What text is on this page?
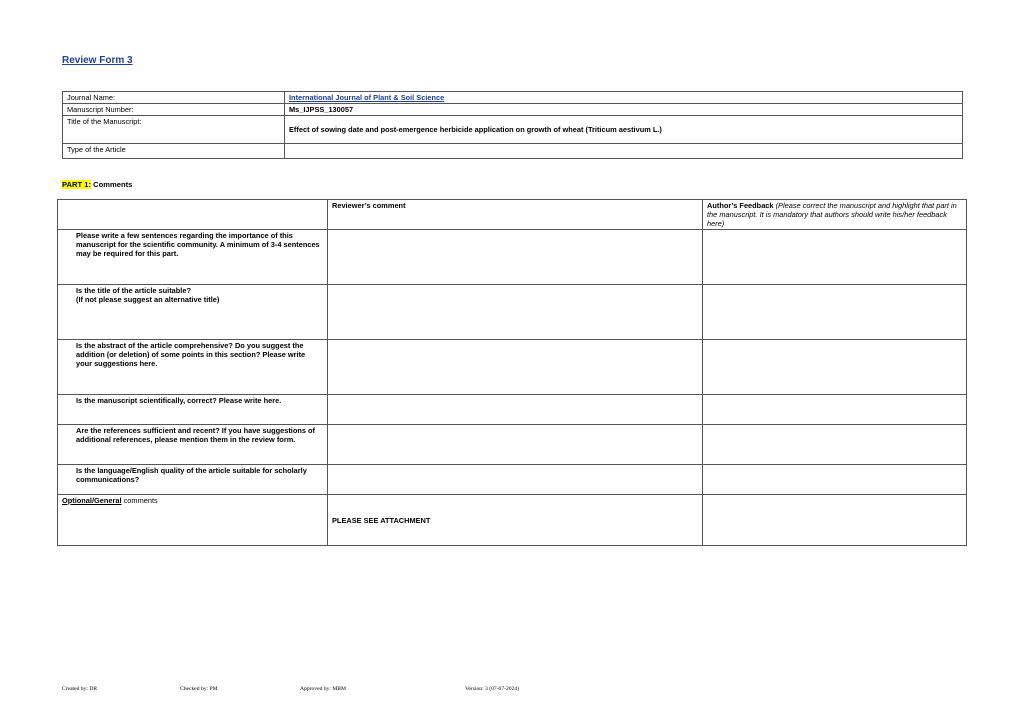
Review Form 3
Journal Name:	International Journal of Plant & Soil Science
Manuscript Number:	Ms_IJPSS_130057
Title of the Manuscript:	Effect of sowing date and post-emergence herbicide application on growth of wheat (Triticum aestivum L.)
Type of the Article	
PART 1: Comments
	Reviewer’s comment	Author’s Feedback (Please correct the manuscript and highlight that part in the manuscript. It is mandatory that authors should write his/her feedback here)
Please write a few sentences regarding the importance of this manuscript for the scientific community. A minimum of 3-4 sentences may be required for this part.		
Is the title of the article suitable?
(If not please suggest an alternative title)		
Is the abstract of the article comprehensive? Do you suggest the addition (or deletion) of some points in this section? Please write your suggestions here.		
Is the manuscript scientifically, correct? Please write here.		
Are the references sufficient and recent? If you have suggestions of additional references, please mention them in the review form.		
Is the language/English quality of the article suitable for scholarly communications?		
Optional/General comments	PLEASE SEE ATTACHMENT	
Created by: DR	Checked by: PM	Approved by: MBM	Version: 3 (07-07-2024)
